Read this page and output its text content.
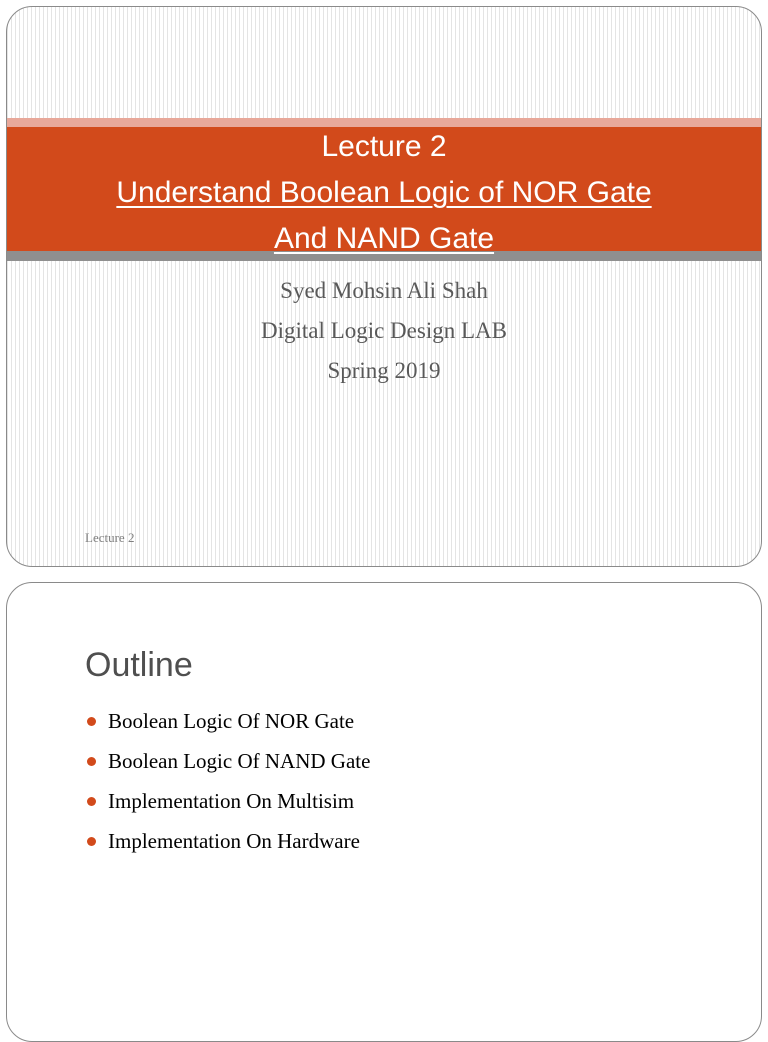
Lecture 2
Understand Boolean Logic of NOR Gate
And NAND Gate
Syed Mohsin Ali Shah
Digital Logic Design LAB
Spring 2019
Lecture 2
Outline
Boolean Logic Of NOR Gate
Boolean Logic Of NAND Gate
Implementation On Multisim
Implementation On Hardware
